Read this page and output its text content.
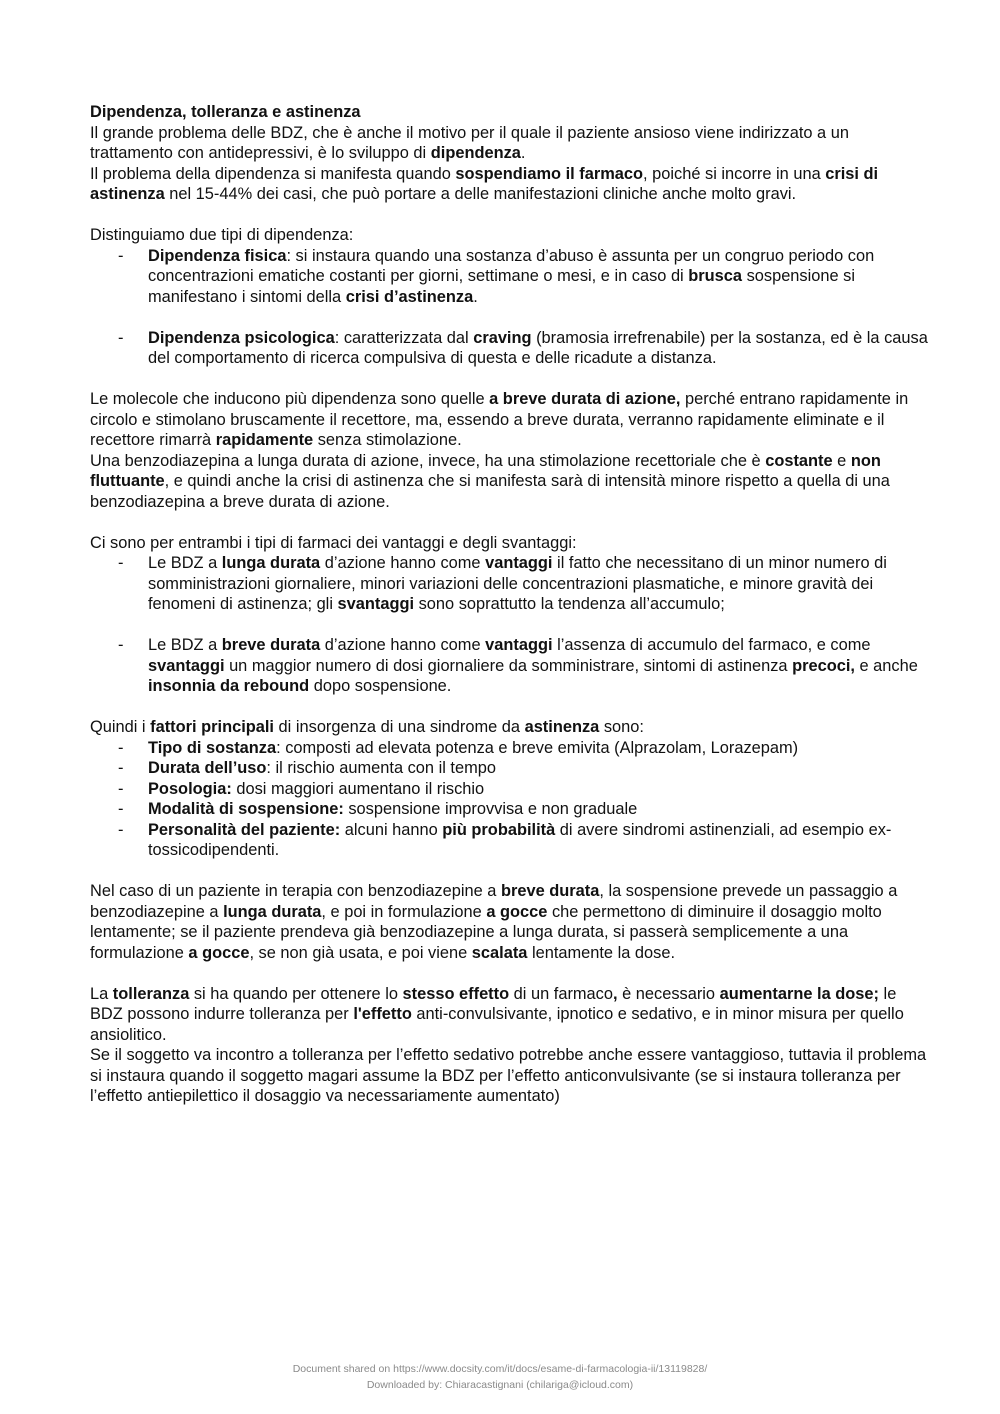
Dipendenza, tolleranza e astinenza

Il grande problema delle BDZ, che è anche il motivo per il quale il paziente ansioso viene indirizzato a un trattamento con antidepressivi, è lo sviluppo di dipendenza.

Il problema della dipendenza si manifesta quando sospendiamo il farmaco, poiché si incorre in una crisi di astinenza nel 15-44% dei casi, che può portare a delle manifestazioni cliniche anche molto gravi.

Distinguiamo due tipi di dipendenza:

-	Dipendenza fisica: si instaura quando una sostanza d’abuso è assunta per un congruo periodo con concentrazioni ematiche costanti per giorni, settimane o mesi, e in caso di brusca sospensione si manifestano i sintomi della crisi d’astinenza.
-	Dipendenza psicologica: caratterizzata dal craving (bramosia irrefrenabile) per la sostanza, ed è la causa del comportamento di ricerca compulsiva di questa e delle ricadute a distanza.

Le molecole che inducono più dipendenza sono quelle a breve durata di azione, perché entrano rapidamente in circolo e stimolano bruscamente il recettore, ma, essendo a breve durata, verranno rapidamente eliminate e il recettore rimarrà rapidamente senza stimolazione.

Una benzodiazepina a lunga durata di azione, invece, ha una stimolazione recettoriale che è costante e non fluttuante, e quindi anche la crisi di astinenza che si manifesta sarà di intensità minore rispetto a quella di una benzodiazepina a breve durata di azione.

Ci sono per entrambi i tipi di farmaci dei vantaggi e degli svantaggi:

-	Le BDZ a lunga durata d’azione hanno come vantaggi il fatto che necessitano di un minor numero di somministrazioni giornaliere, minori variazioni delle concentrazioni plasmatiche, e minore gravità dei fenomeni di astinenza; gli svantaggi sono soprattutto la tendenza all’accumulo;
-	Le BDZ a breve durata d’azione hanno come vantaggi l’assenza di accumulo del farmaco, e come svantaggi un maggior numero di dosi giornaliere da somministrare, sintomi di astinenza precoci, e anche insonnia da rebound dopo sospensione.

Quindi i fattori principali di insorgenza di una sindrome da astinenza sono:

-	Tipo di sostanza: composti ad elevata potenza e breve emivita (Alprazolam, Lorazepam)
-	Durata dell’uso: il rischio aumenta con il tempo
-	Posologia: dosi maggiori aumentano il rischio
-	Modalità di sospensione: sospensione improvvisa e non graduale
-	Personalità del paziente: alcuni hanno più probabilità di avere sindromi astinenziali, ad esempio ex-tossicodipendenti.

Nel caso di un paziente in terapia con benzodiazepine a breve durata, la sospensione prevede un passaggio a benzodiazepine a lunga durata, e poi in formulazione a gocce che permettono di diminuire il dosaggio molto lentamente; se il paziente prendeva già benzodiazepine a lunga durata, si passerà semplicemente a una formulazione a gocce, se non già usata, e poi viene scalata lentamente la dose.

La tolleranza si ha quando per ottenere lo stesso effetto di un farmaco, è necessario aumentarne la dose; le BDZ possono indurre tolleranza per l'effetto anti-convulsivante, ipnotico e sedativo, e in minor misura per quello ansiolitico.

Se il soggetto va incontro a tolleranza per l’effetto sedativo potrebbe anche essere vantaggioso, tuttavia il problema si instaura quando il soggetto magari assume la BDZ per l’effetto anticonvulsivante (se si instaura tolleranza per l’effetto antiepilettico il dosaggio va necessariamente aumentato)

Document shared on https://www.docsity.com/it/docs/esame-di-farmacologia-ii/13119828/
Downloaded by: Chiaracastignani (chilariga@icloud.com)
